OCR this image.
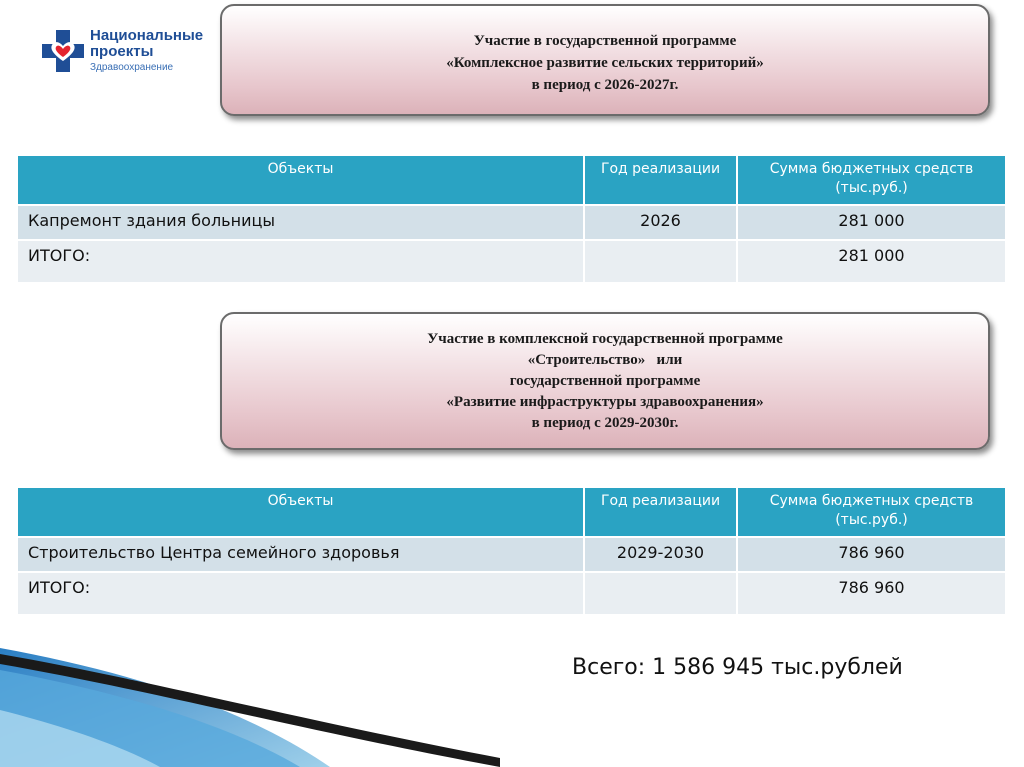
Национальные
проекты
Здравоохранение
Участие в государственной программе
«Комплексное развитие сельских территорий»
в период с 2026-2027г.
Объекты	Год реализации	Сумма бюджетных средств (тыс.руб.)
Капремонт здания больницы	2026	281 000
ИТОГО:		281 000
Участие в комплексной государственной программе
«Строительство»   или
государственной программе
«Развитие инфраструктуры здравоохранения»
в период с 2029-2030г.
Объекты	Год реализации	Сумма бюджетных средств (тыс.руб.)
Строительство Центра семейного здоровья	2029-2030	786 960
ИТОГО:		786 960
Всего: 1 586 945 тыс.рублей
